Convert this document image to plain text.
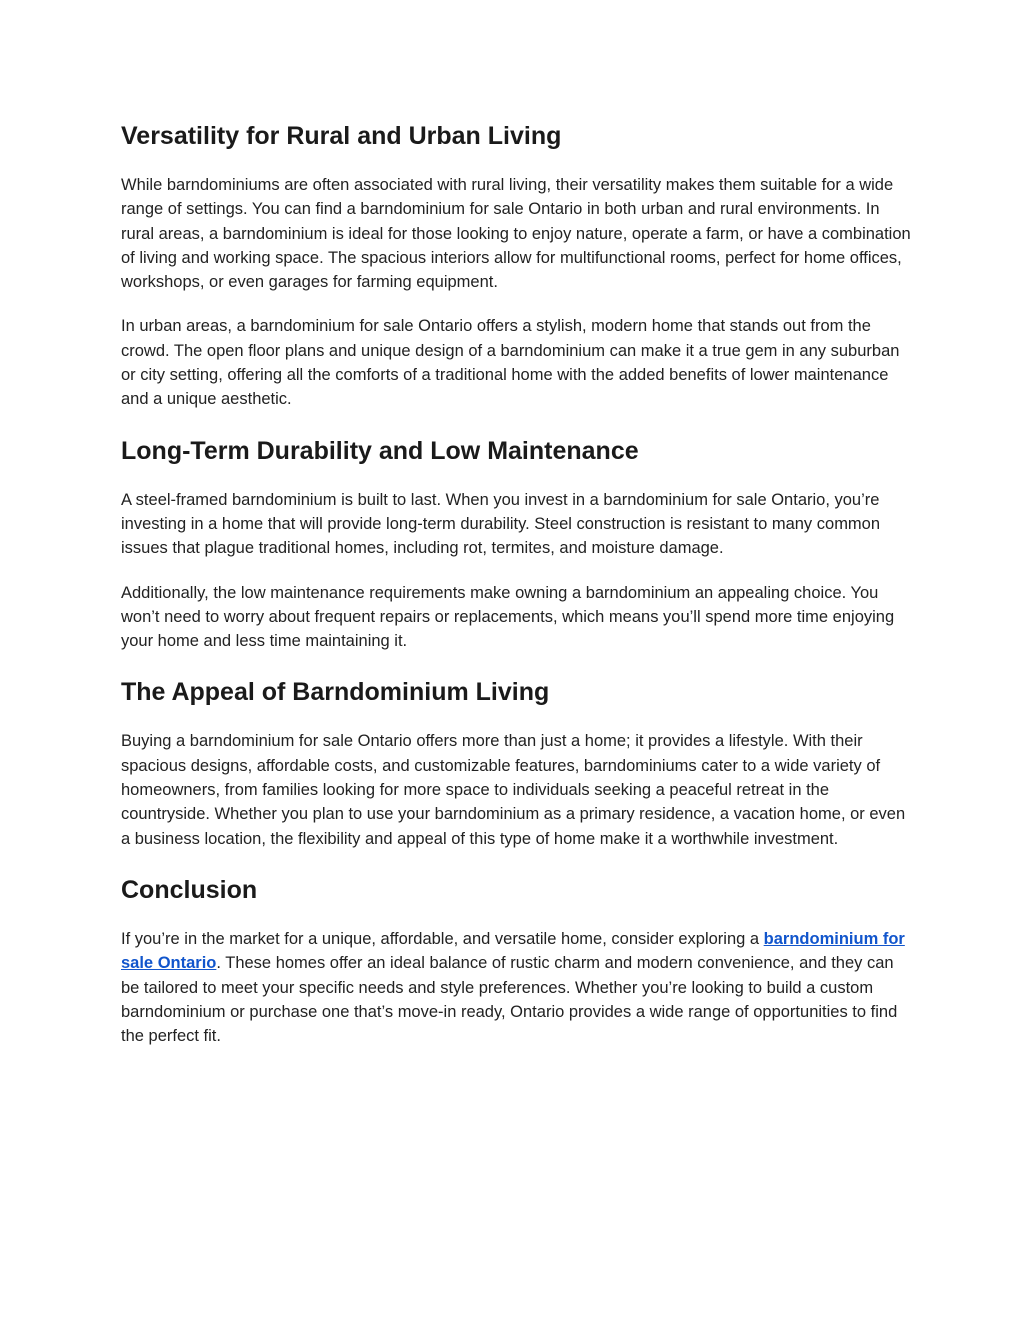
Versatility for Rural and Urban Living

While barndominiums are often associated with rural living, their versatility makes them suitable for a wide range of settings. You can find a barndominium for sale Ontario in both urban and rural environments. In rural areas, a barndominium is ideal for those looking to enjoy nature, operate a farm, or have a combination of living and working space. The spacious interiors allow for multifunctional rooms, perfect for home offices, workshops, or even garages for farming equipment.

In urban areas, a barndominium for sale Ontario offers a stylish, modern home that stands out from the crowd. The open floor plans and unique design of a barndominium can make it a true gem in any suburban or city setting, offering all the comforts of a traditional home with the added benefits of lower maintenance and a unique aesthetic.

Long-Term Durability and Low Maintenance

A steel-framed barndominium is built to last. When you invest in a barndominium for sale Ontario, you’re investing in a home that will provide long-term durability. Steel construction is resistant to many common issues that plague traditional homes, including rot, termites, and moisture damage.

Additionally, the low maintenance requirements make owning a barndominium an appealing choice. You won’t need to worry about frequent repairs or replacements, which means you’ll spend more time enjoying your home and less time maintaining it.

The Appeal of Barndominium Living

Buying a barndominium for sale Ontario offers more than just a home; it provides a lifestyle. With their spacious designs, affordable costs, and customizable features, barndominiums cater to a wide variety of homeowners, from families looking for more space to individuals seeking a peaceful retreat in the countryside. Whether you plan to use your barndominium as a primary residence, a vacation home, or even a business location, the flexibility and appeal of this type of home make it a worthwhile investment.

Conclusion

If you’re in the market for a unique, affordable, and versatile home, consider exploring a barndominium for sale Ontario. These homes offer an ideal balance of rustic charm and modern convenience, and they can be tailored to meet your specific needs and style preferences. Whether you’re looking to build a custom barndominium or purchase one that’s move-in ready, Ontario provides a wide range of opportunities to find the perfect fit.
